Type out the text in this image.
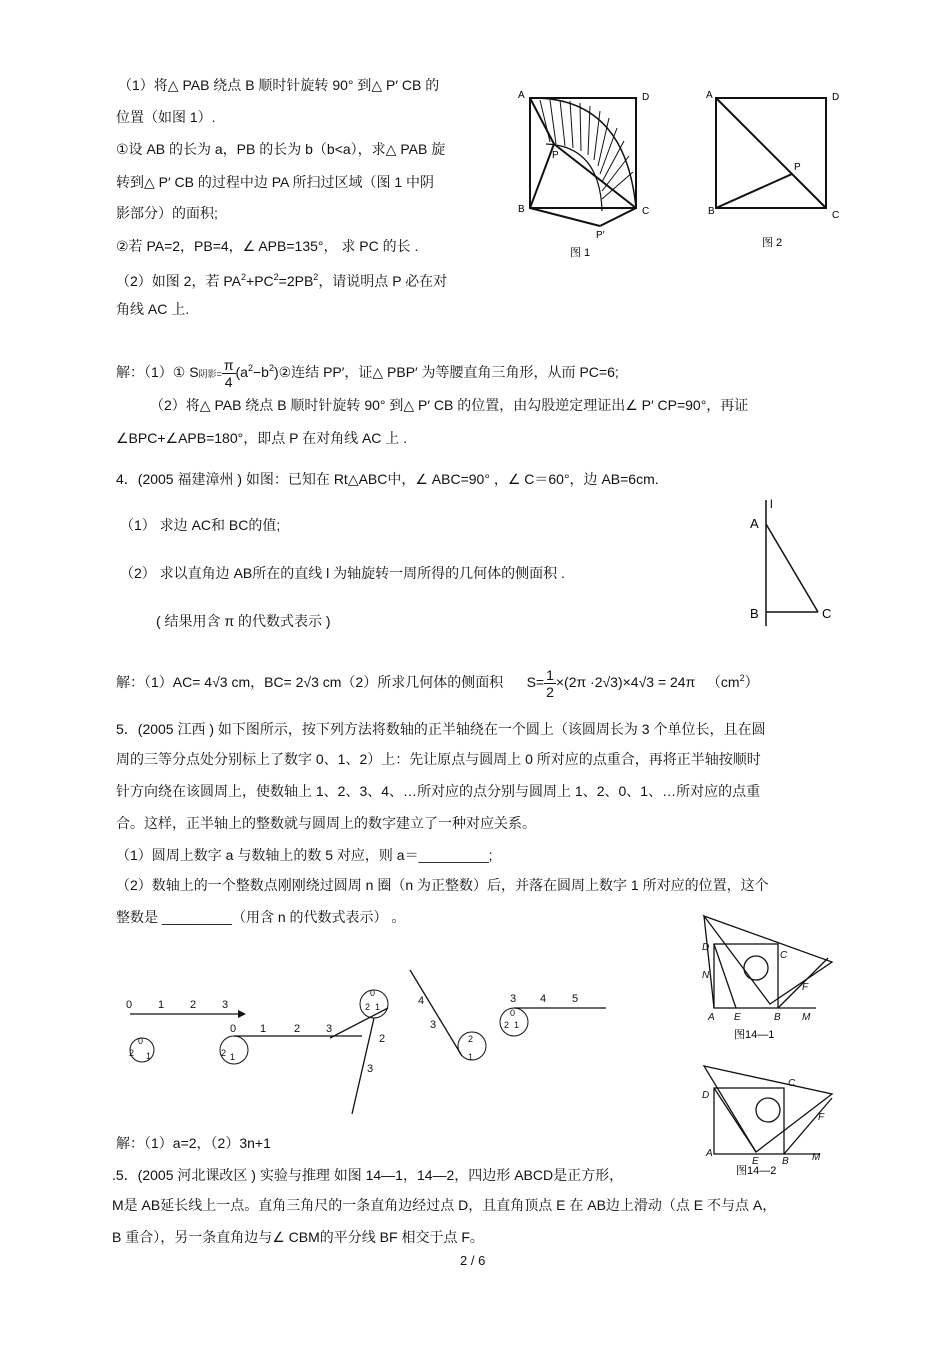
（1）将△ PAB 绕点 B 顺时针旋转 90° 到△ P′ CB 的
位置（如图 1）.
①设 AB 的长为 a，PB 的长为 b（b<a），求△ PAB 旋
转到△ P′ CB 的过程中边 PA 所扫过区域（图 1 中阴
影部分）的面积;
②若 PA=2，PB=4，∠ APB=135°， 求 PC 的长 .
（2）如图 2，若 $PA^2+PC^2=2PB^2$，请说明点 P 必在对
角线 AC 上.
A	D
P
B	C
P′
图 1
A	D
P
B	C
图 2
解：（1）① S阴影= $\frac{\pi}{4}$ $(a^2-b^2)②$连结 PP′，证△ PBP′ 为等腰直角三角形，从而 PC=6;
（2）将△ PAB 绕点 B 顺时针旋转 90° 到△ P′ CB 的位置，由勾股逆定理证出∠ P′ CP=90°，再证
∠BPC+∠APB=180°，即点 P 在对角线 AC 上 .
4．(2005 福建漳州 ) 如图：已知在 Rt△ABC中，∠ ABC=90° ，∠ C＝60°，边 AB=6cm.
（1） 求边 AC和 BC的值;
（2） 求以直角边 AB所在的直线 l 为轴旋转一周所得的几何体的侧面积 .
( 结果用含 π 的代数式表示 )
l
A
B	C
解：（1）AC= 4√3 cm，BC= 2√3 cm（2）所求几何体的侧面积 $S= \frac{1}{2} \times(2\pi \cdot 2√3)\times 4√3 = 24\pi$ $(cm^2)$
5．(2005 江西 ) 如下图所示，按下列方法将数轴的正半轴绕在一个圆上（该圆周长为 3 个单位长，且在圆
周的三等分点处分别标上了数字 0、1、2）上：先让原点与圆周上 0 所对应的点重合，再将正半轴按顺时
针方向绕在该圆周上，使数轴上 1、2、3、4、…所对应的点分别与圆周上 1、2、0、1、…所对应的点重
合。这样，正半轴上的整数就与圆周上的数字建立了一种对应关系。
（1）圆周上数字 a 与数轴上的数 5 对应，则 a＝_________;
（2）数轴上的一个整数点刚刚绕过圆周 n 圈（n 为正整数）后，并落在圆周上数字 1 所对应的位置，这个
整数是 _________（用含 n 的代数式表示） 。
0 1 2 3
0
2 1
0 1	2 3
2 1
0
2 1
2
3
4
3
2
1
0
2 1
3 4 5
解：（1）a=2，（2）3n+1
D
C
N
A E	B M
F
图14—1
D
C
A
E B M
F
图14—2
.5．(2005 河北课改区 ) 实验与推理 如图 14—1，14—2，四边形 ABCD是正方形，
M是 AB延长线上一点。直角三角尺的一条直角边经过点 D，且直角顶点 E 在 AB边上滑动（点 E 不与点 A，
B 重合），另一条直角边与∠ CBM的平分线 BF 相交于点 F。
2 / 6
